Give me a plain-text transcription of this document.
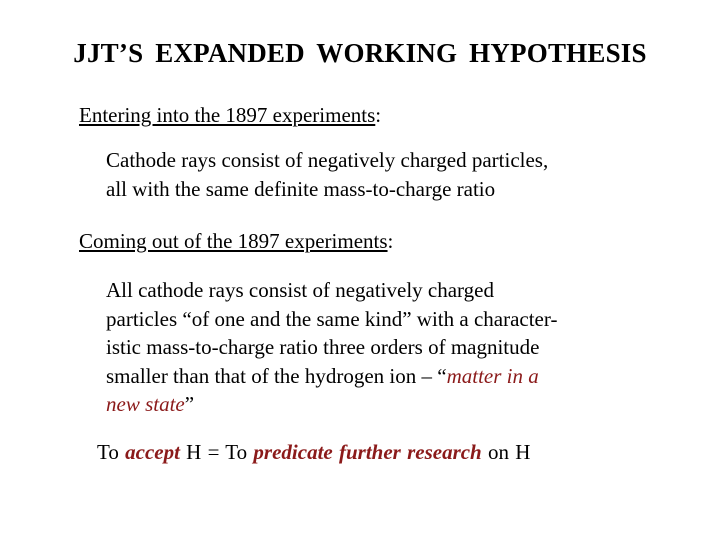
JJT’S EXPANDED WORKING HYPOTHESIS
Entering into the 1897 experiments:
Cathode rays consist of negatively charged particles,
all with the same definite mass-to-charge ratio
Coming out of the 1897 experiments:
All cathode rays consist of negatively charged
particles “of one and the same kind” with a character-
istic mass-to-charge ratio three orders of magnitude
smaller than that of the hydrogen ion – “matter in a
new state”
To accept H = To predicate further research on H
